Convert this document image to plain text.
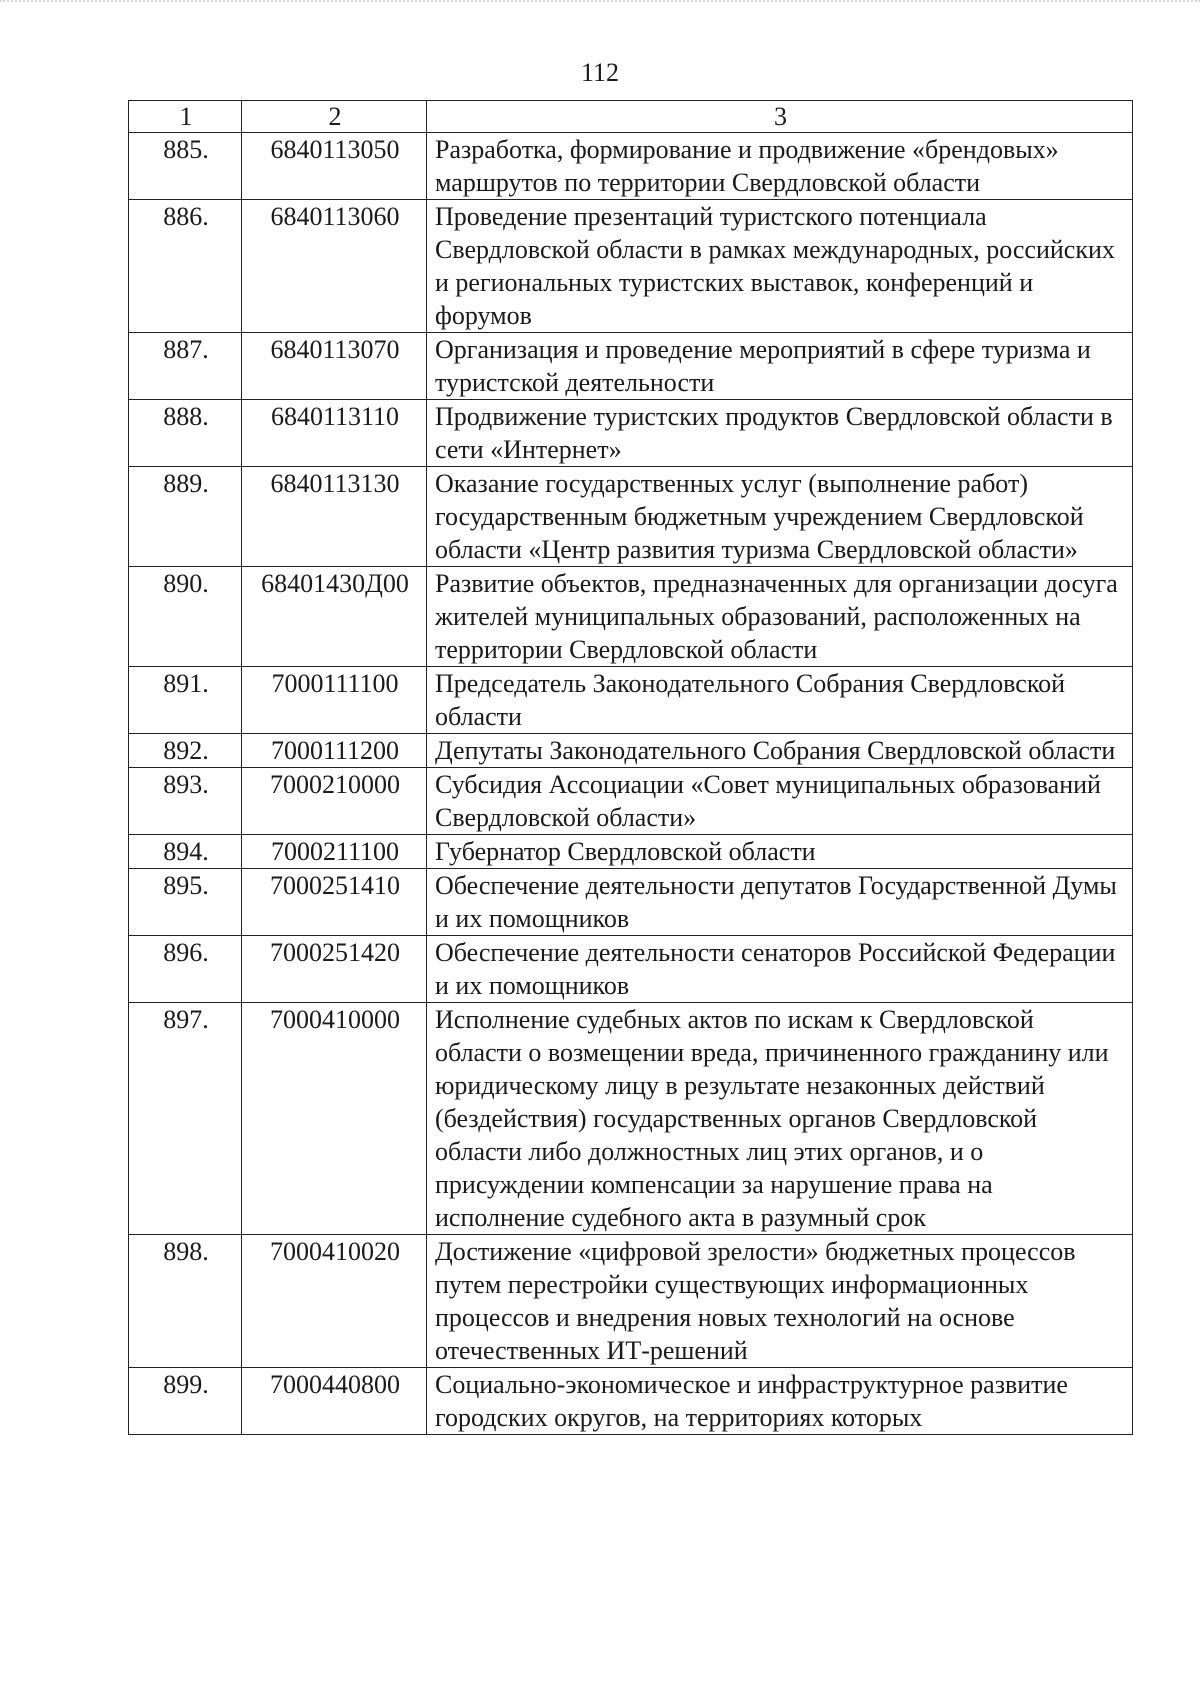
112
1	2	3
885.	6840113050	Разработка, формирование и продвижение «брендовых» маршрутов по территории Свердловской области
886.	6840113060	Проведение презентаций туристского потенциала Свердловской области в рамках международных, российских и региональных туристских выставок, конференций и форумов
887.	6840113070	Организация и проведение мероприятий в сфере туризма и туристской деятельности
888.	6840113110	Продвижение туристских продуктов Свердловской области в сети «Интернет»
889.	6840113130	Оказание государственных услуг (выполнение работ) государственным бюджетным учреждением Свердловской области «Центр развития туризма Свердловской области»
890.	68401430Д00	Развитие объектов, предназначенных для организации досуга жителей муниципальных образований, расположенных на территории Свердловской области
891.	7000111100	Председатель Законодательного Собрания Свердловской области
892.	7000111200	Депутаты Законодательного Собрания Свердловской области
893.	7000210000	Субсидия Ассоциации «Совет муниципальных образований Свердловской области»
894.	7000211100	Губернатор Свердловской области
895.	7000251410	Обеспечение деятельности депутатов Государственной Думы и их помощников
896.	7000251420	Обеспечение деятельности сенаторов Российской Федерации и их помощников
897.	7000410000	Исполнение судебных актов по искам к Свердловской области о возмещении вреда, причиненного гражданину или юридическому лицу в результате незаконных действий (бездействия) государственных органов Свердловской области либо должностных лиц этих органов, и о присуждении компенсации за нарушение права на исполнение судебного акта в разумный срок
898.	7000410020	Достижение «цифровой зрелости» бюджетных процессов путем перестройки существующих информационных процессов и внедрения новых технологий на основе отечественных ИТ-решений
899.	7000440800	Социально-экономическое и инфраструктурное развитие городских округов, на территориях которых
